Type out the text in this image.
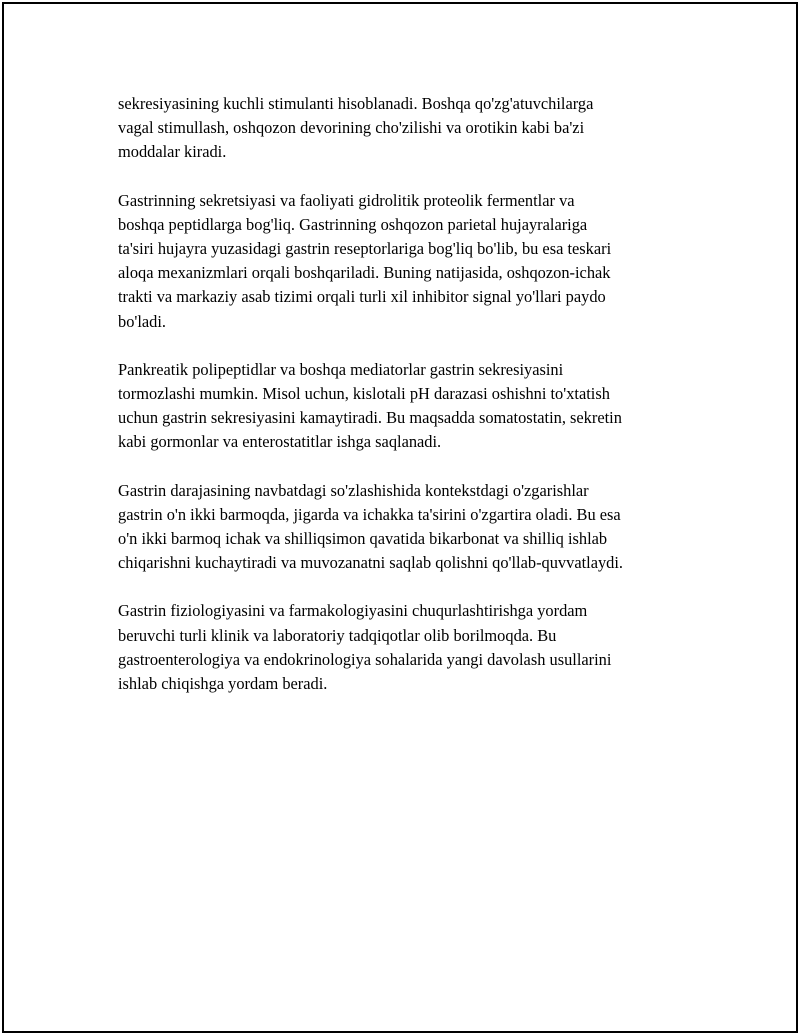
sekresiyasining kuchli stimulanti hisoblanadi. Boshqa qo'zg'atuvchilarga
vagal stimullash, oshqozon devorining cho'zilishi va orotikin kabi ba'zi
moddalar kiradi.

Gastrinning sekretsiyasi va faoliyati gidrolitik proteolik fermentlar va
boshqa peptidlarga bog'liq. Gastrinning oshqozon parietal hujayralariga
ta'siri hujayra yuzasidagi gastrin reseptorlariga bog'liq bo'lib, bu esa teskari
aloqa mexanizmlari orqali boshqariladi. Buning natijasida, oshqozon-ichak
trakti va markaziy asab tizimi orqali turli xil inhibitor signal yo'llari paydo
bo'ladi.

Pankreatik polipeptidlar va boshqa mediatorlar gastrin sekresiyasini
tormozlashi mumkin. Misol uchun, kislotali pH darazasi oshishni to'xtatish
uchun gastrin sekresiyasini kamaytiradi. Bu maqsadda somatostatin, sekretin
kabi gormonlar va enterostatitlar ishga saqlanadi.

Gastrin darajasining navbatdagi so'zlashishida kontekstdagi o'zgarishlar
gastrin o'n ikki barmoqda, jigarda va ichakka ta'sirini o'zgartira oladi. Bu esa
o'n ikki barmoq ichak va shilliqsimon qavatida bikarbonat va shilliq ishlab
chiqarishni kuchaytiradi va muvozanatni saqlab qolishni qo'llab-quvvatlaydi.

Gastrin fiziologiyasini va farmakologiyasini chuqurlashtirishga yordam
beruvchi turli klinik va laboratoriy tadqiqotlar olib borilmoqda. Bu
gastroenterologiya va endokrinologiya sohalarida yangi davolash usullarini
ishlab chiqishga yordam beradi.
